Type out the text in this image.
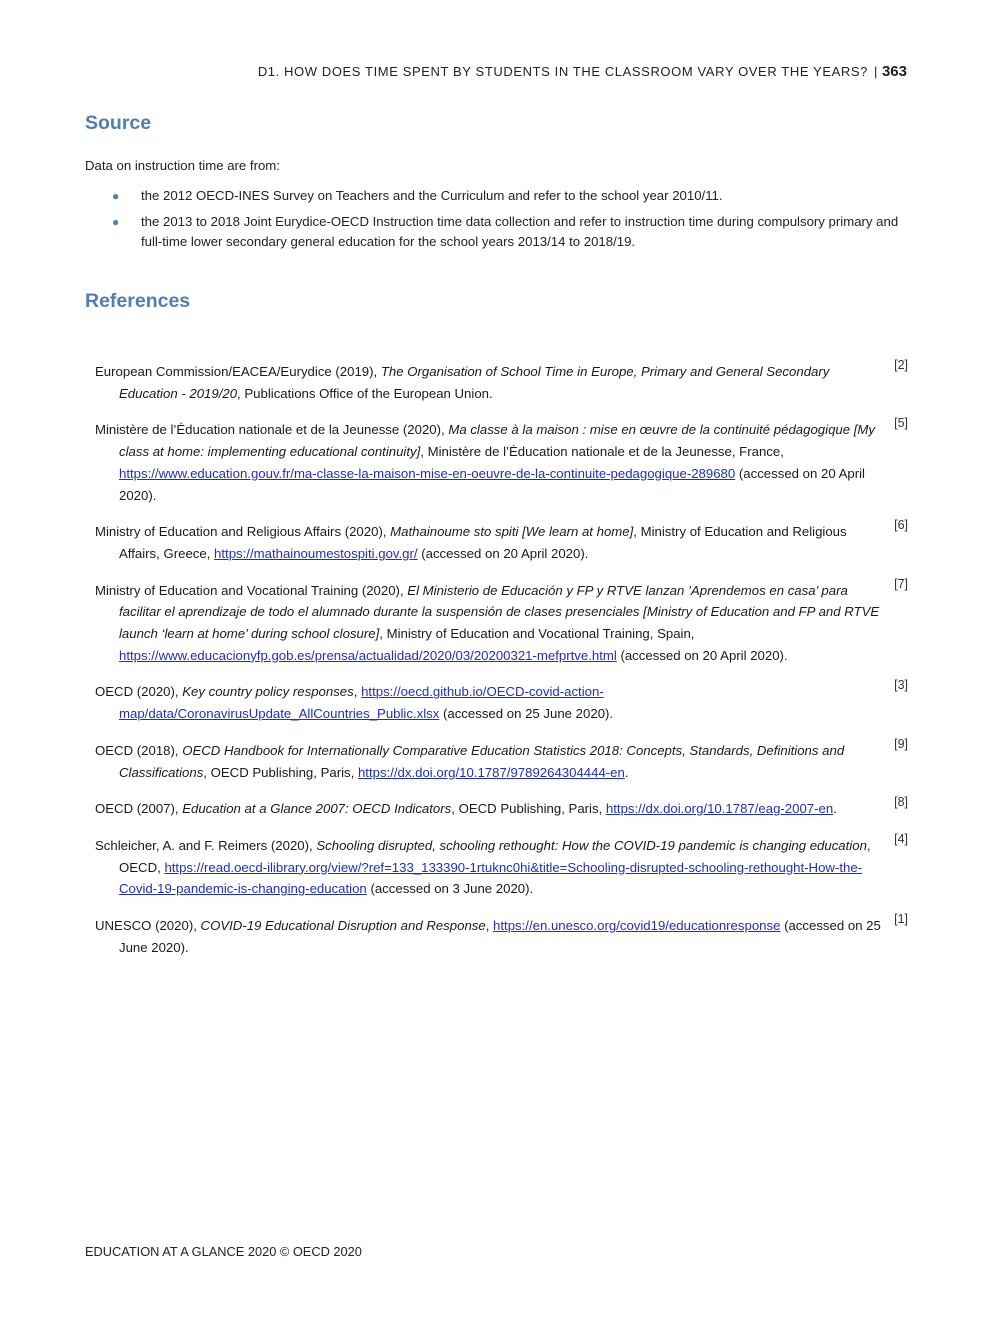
D1. HOW DOES TIME SPENT BY STUDENTS IN THE CLASSROOM VARY OVER THE YEARS? | 363
Source
Data on instruction time are from:
● the 2012 OECD-INES Survey on Teachers and the Curriculum and refer to the school year 2010/11.
● the 2013 to 2018 Joint Eurydice-OECD Instruction time data collection and refer to instruction time during compulsory primary and full-time lower secondary general education for the school years 2013/14 to 2018/19.
References
European Commission/EACEA/Eurydice (2019), The Organisation of School Time in Europe, Primary and General Secondary Education - 2019/20, Publications Office of the European Union.
[2]
Ministère de l’Éducation nationale et de la Jeunesse (2020), Ma classe à la maison : mise en œuvre de la continuité pédagogique [My class at home: implementing educational continuity], Ministère de l’Éducation nationale et de la Jeunesse, France, https://www.education.gouv.fr/ma-classe-la-maison-mise-en-oeuvre-de-la-continuite-pedagogique-289680 (accessed on 20 April 2020).
[5]
Ministry of Education and Religious Affairs (2020), Mathainoume sto spiti [We learn at home], Ministry of Education and Religious Affairs, Greece, https://mathainoumestospiti.gov.gr/ (accessed on 20 April 2020).
[6]
Ministry of Education and Vocational Training (2020), El Ministerio de Educación y FP y RTVE lanzan ’Aprendemos en casa’ para facilitar el aprendizaje de todo el alumnado durante la suspensión de clases presenciales [Ministry of Education and FP and RTVE launch ‘learn at home’ during school closure], Ministry of Education and Vocational Training, Spain, https://www.educacionyfp.gob.es/prensa/actualidad/2020/03/20200321-mefprtve.html (accessed on 20 April 2020).
[7]
OECD (2020), Key country policy responses, https://oecd.github.io/OECD-covid-action-map/data/CoronavirusUpdate_AllCountries_Public.xlsx (accessed on 25 June 2020).
[3]
OECD (2018), OECD Handbook for Internationally Comparative Education Statistics 2018: Concepts, Standards, Definitions and Classifications, OECD Publishing, Paris, https://dx.doi.org/10.1787/9789264304444-en.
[9]
OECD (2007), Education at a Glance 2007: OECD Indicators, OECD Publishing, Paris, https://dx.doi.org/10.1787/eag-2007-en.	[8]
Schleicher, A. and F. Reimers (2020), Schooling disrupted, schooling rethought: How the COVID-19 pandemic is changing education, OECD, https://read.oecd-ilibrary.org/view/?ref=133_133390-1rtuknc0hi&title=Schooling-disrupted-schooling-rethought-How-the-Covid-19-pandemic-is-changing-education (accessed on 3 June 2020).
[4]
UNESCO (2020), COVID-19 Educational Disruption and Response, https://en.unesco.org/covid19/educationresponse (accessed on 25 June 2020).
[1]
EDUCATION AT A GLANCE 2020 © OECD 2020
